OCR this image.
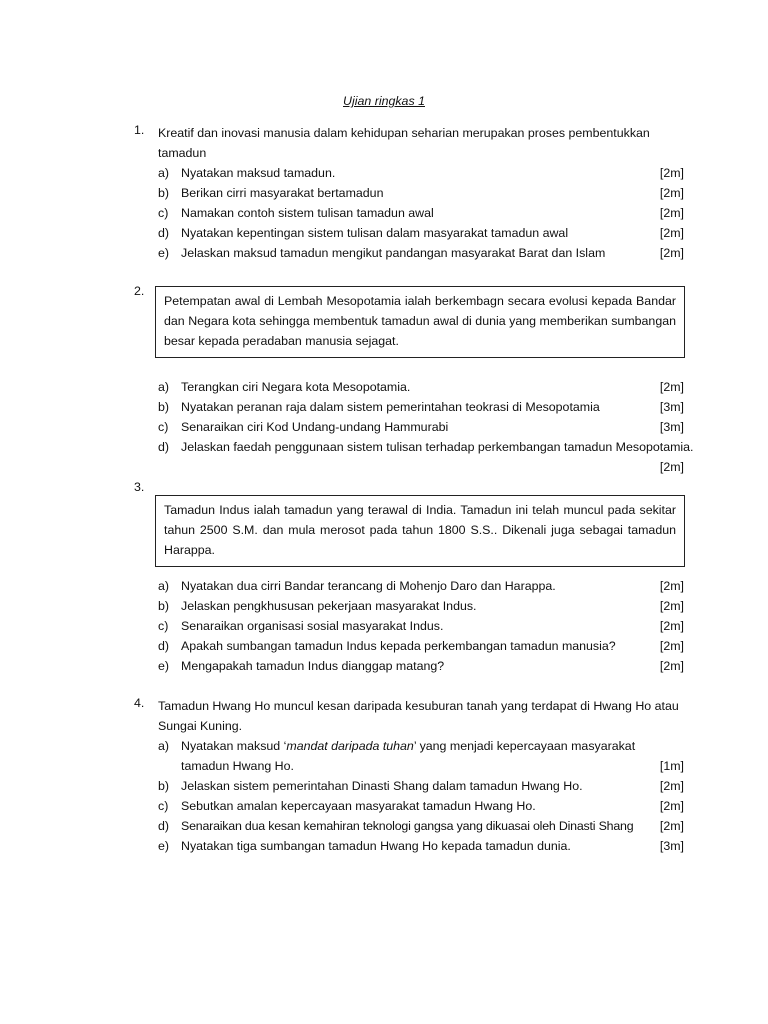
Ujian ringkas 1
1. Kreatif dan inovasi manusia dalam kehidupan seharian merupakan proses pembentukkan tamadun
a) Nyatakan maksud tamadun.	[2m]
b) Berikan cirri masyarakat bertamadun	[2m]
c) Namakan contoh sistem tulisan tamadun awal	[2m]
d) Nyatakan kepentingan sistem tulisan dalam masyarakat tamadun awal	[2m]
e) Jelaskan maksud tamadun mengikut pandangan masyarakat Barat dan Islam	[2m]
2.
Petempatan awal di Lembah Mesopotamia ialah berkembagn secara evolusi kepada Bandar dan Negara kota sehingga membentuk tamadun awal di dunia yang memberikan sumbangan besar kepada peradaban manusia sejagat.
a) Terangkan ciri Negara kota Mesopotamia.	[2m]
b) Nyatakan peranan raja dalam sistem pemerintahan teokrasi di Mesopotamia	[3m]
c) Senaraikan ciri Kod Undang-undang Hammurabi	[3m]
d) Jelaskan faedah penggunaan sistem tulisan terhadap perkembangan tamadun Mesopotamia.
[2m]
3.
Tamadun Indus ialah tamadun yang terawal di India. Tamadun ini telah muncul pada sekitar tahun 2500 S.M. dan mula merosot pada tahun 1800 S.S.. Dikenali juga sebagai tamadun Harappa.
a) Nyatakan dua cirri Bandar terancang di Mohenjo Daro dan Harappa.	[2m]
b) Jelaskan pengkhususan pekerjaan masyarakat Indus.	[2m]
c) Senaraikan organisasi sosial masyarakat Indus.	[2m]
d) Apakah sumbangan tamadun Indus kepada perkembangan tamadun manusia?	[2m]
e) Mengapakah tamadun Indus dianggap matang?	[2m]
4. Tamadun Hwang Ho muncul kesan daripada kesuburan tanah yang terdapat di Hwang Ho atau Sungai Kuning.
a) Nyatakan maksud ‘mandat daripada tuhan’ yang menjadi kepercayaan masyarakat tamadun Hwang Ho.	[1m]
b) Jelaskan sistem pemerintahan Dinasti Shang dalam tamadun Hwang Ho.	[2m]
c) Sebutkan amalan kepercayaan masyarakat tamadun Hwang Ho.	[2m]
d) Senaraikan dua kesan kemahiran teknologi gangsa yang dikuasai oleh Dinasti Shang [2m]
e) Nyatakan tiga sumbangan tamadun Hwang Ho kepada tamadun dunia.	[3m]
